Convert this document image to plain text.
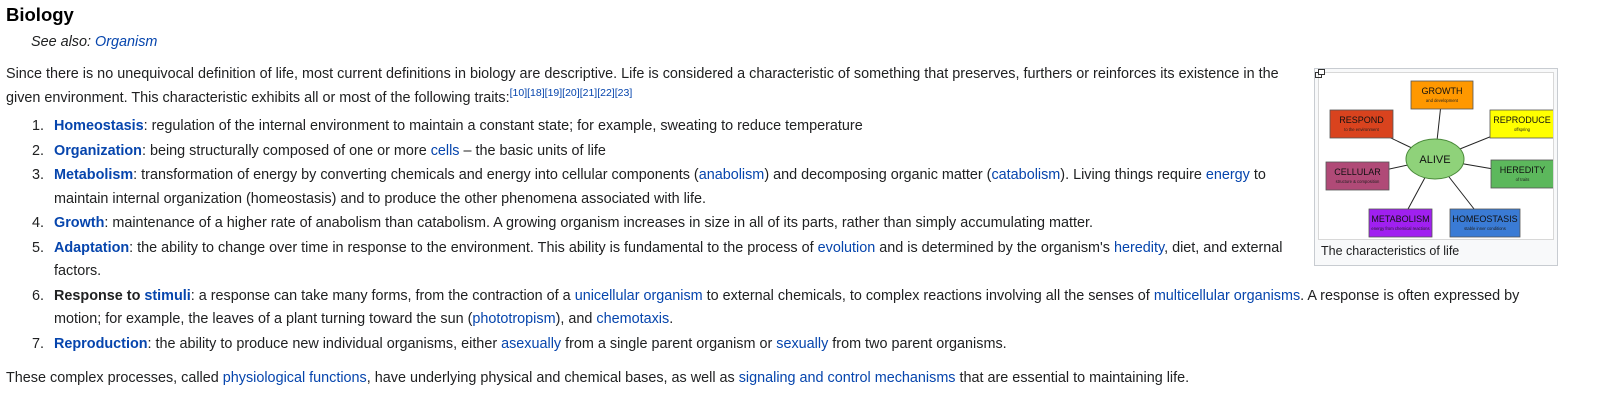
Biology
See also: Organism

Since there is no unequivocal definition of life, most current definitions in biology are descriptive. Life is considered a characteristic of something that preserves, furthers or reinforces its existence in the given environment. This characteristic exhibits all or most of the following traits:[10][18][19][20][21][22][23]

1. Homeostasis: regulation of the internal environment to maintain a constant state; for example, sweating to reduce temperature
2. Organization: being structurally composed of one or more cells – the basic units of life
3. Metabolism: transformation of energy by converting chemicals and energy into cellular components (anabolism) and decomposing organic matter (catabolism). Living things require energy to maintain internal organization (homeostasis) and to produce the other phenomena associated with life.
4. Growth: maintenance of a higher rate of anabolism than catabolism. A growing organism increases in size in all of its parts, rather than simply accumulating matter.
5. Adaptation: the ability to change over time in response to the environment. This ability is fundamental to the process of evolution and is determined by the organism's heredity, diet, and external factors.
6. Response to stimuli: a response can take many forms, from the contraction of a unicellular organism to external chemicals, to complex reactions involving all the senses of multicellular organisms. A response is often expressed by motion; for example, the leaves of a plant turning toward the sun (phototropism), and chemotaxis.
7. Reproduction: the ability to produce new individual organisms, either asexually from a single parent organism or sexually from two parent organisms.

These complex processes, called physiological functions, have underlying physical and chemical bases, as well as signaling and control mechanisms that are essential to maintaining life.

GROWTH
and development
REPRODUCE
offspring
HEREDITY
of traits
HOMEOSTASIS
stable inner conditions
METABOLISM
energy from chemical reactions
CELLULAR
structure & composition
RESPOND
to the environment
ALIVE
The characteristics of life
